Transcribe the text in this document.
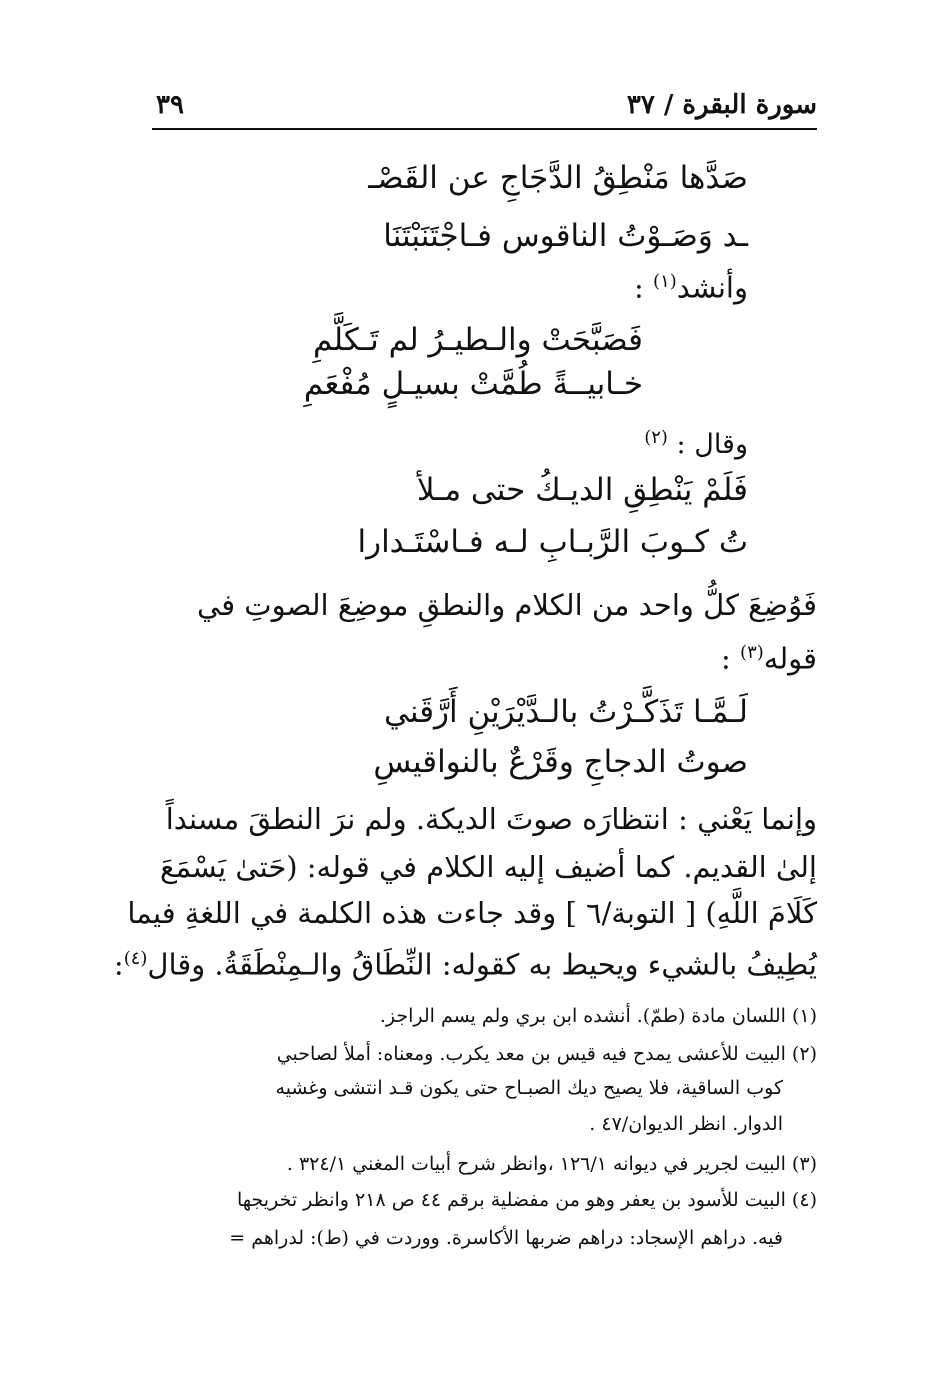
سورة البقرة / ٣٧
٣٩
صَدَّها مَنْطِقُ الدَّجَاجِ عن القَصْـ
ـد وَصَـوْتُ الناقوس فـاجْتَنَبْتَنَا
وأنشد$^{(١)}$ :
فَصَبَّحَتْ والـطيـرُ لم تَـكَلَّمِ
خـابيــةً طُمَّتْ بسيـلٍ مُفْعَمِ
وقال : $^{(٢)}$
فَلَمْ يَنْطِقِ الديـكُ حتى مـلأ
تُ كـوبَ الرَّبـابِ لـه فـاسْتَـدارا
فَوُضِعَ كلُّ واحد من الكلام والنطقِ موضِعَ الصوتِ في
قوله$^{(٣)}$ :
لَـمَّـا تَذَكَّـرْتُ بالـدَّيْرَيْنِ أَرَّقَني
صوتُ الدجاجِ وقَرْعٌ بالنواقيسِ
وإنما يَعْني : انتظارَه صوتَ الديكة. ولم نرَ النطقَ مسنداً
إلىٰ القديم. كما أضيف إليه الكلام في قوله: (حَتىٰ يَسْمَعَ
كَلَامَ اللَّهِ) [ التوبة/٦ ] وقد جاءت هذه الكلمة في اللغةِ فيما
يُطِيفُ بالشيء ويحيط به كقوله: النِّطَاقُ والـمِنْطَقَةُ. وقال$^{(٤)}$:
(١) اللسان مادة (طمّ). أنشده ابن بري ولم يسم الراجز.
(٢) البيت للأعشى يمدح فيه قيس بن معد يكرب. ومعناه: أملأ لصاحبي
كوب الساقية، فلا يصيح ديك الصبـاح حتى يكون قـد انتشى وغشيه
الدوار. انظر الديوان/٤٧ .
(٣) البيت لجرير في ديوانه ١٢٦/١ ،وانظر شرح أبيات المغني ٣٢٤/١ .
(٤) البيت للأسود بن يعفر وهو من مفضلية برقم ٤٤ ص ٢١٨ وانظر تخريجها
فيه. دراهم الإسجاد: دراهم ضربها الأكاسرة. ووردت في (ط): لدراهم =
